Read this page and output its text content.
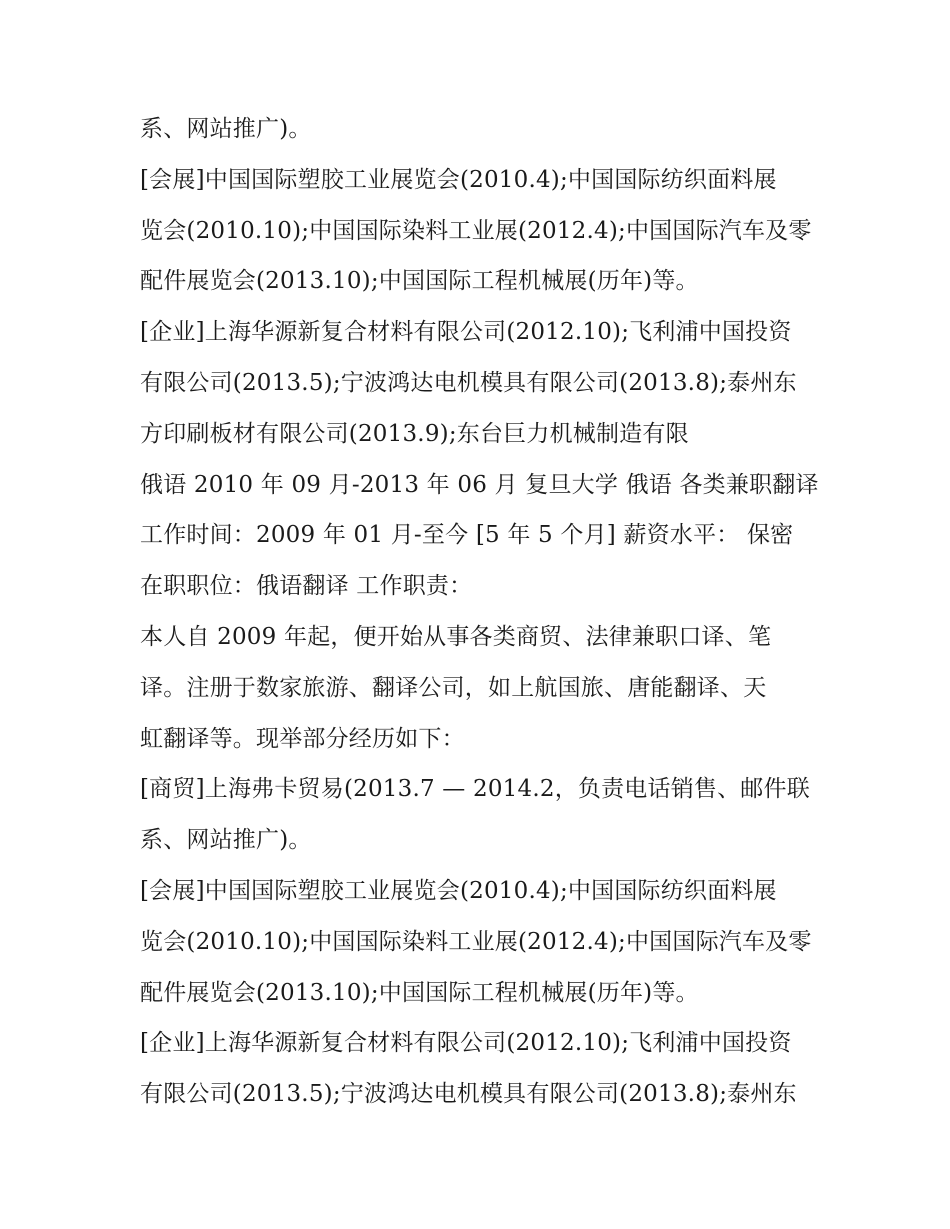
系、网站推广)。
[会展]中国国际塑胶工业展览会(2010.4);中国国际纺织面料展
览会(2010.10);中国国际染料工业展(2012.4);中国国际汽车及零
配件展览会(2013.10);中国国际工程机械展(历年)等。
[企业]上海华源新复合材料有限公司(2012.10);飞利浦中国投资
有限公司(2013.5);宁波鸿达电机模具有限公司(2013.8);泰州东
方印刷板材有限公司(2013.9);东台巨力机械制造有限
俄语 2010 年 09 月-2013 年 06 月 复旦大学 俄语 各类兼职翻译
工作时间：2009 年 01 月-至今 [5 年 5 个月] 薪资水平： 保密
在职职位：俄语翻译 工作职责：
本人自 2009 年起，便开始从事各类商贸、法律兼职口译、笔
译。注册于数家旅游、翻译公司，如上航国旅、唐能翻译、天
虹翻译等。现举部分经历如下：
[商贸]上海弗卡贸易(2013.7 — 2014.2，负责电话销售、邮件联
系、网站推广)。
[会展]中国国际塑胶工业展览会(2010.4);中国国际纺织面料展
览会(2010.10);中国国际染料工业展(2012.4);中国国际汽车及零
配件展览会(2013.10);中国国际工程机械展(历年)等。
[企业]上海华源新复合材料有限公司(2012.10);飞利浦中国投资
有限公司(2013.5);宁波鸿达电机模具有限公司(2013.8);泰州东
